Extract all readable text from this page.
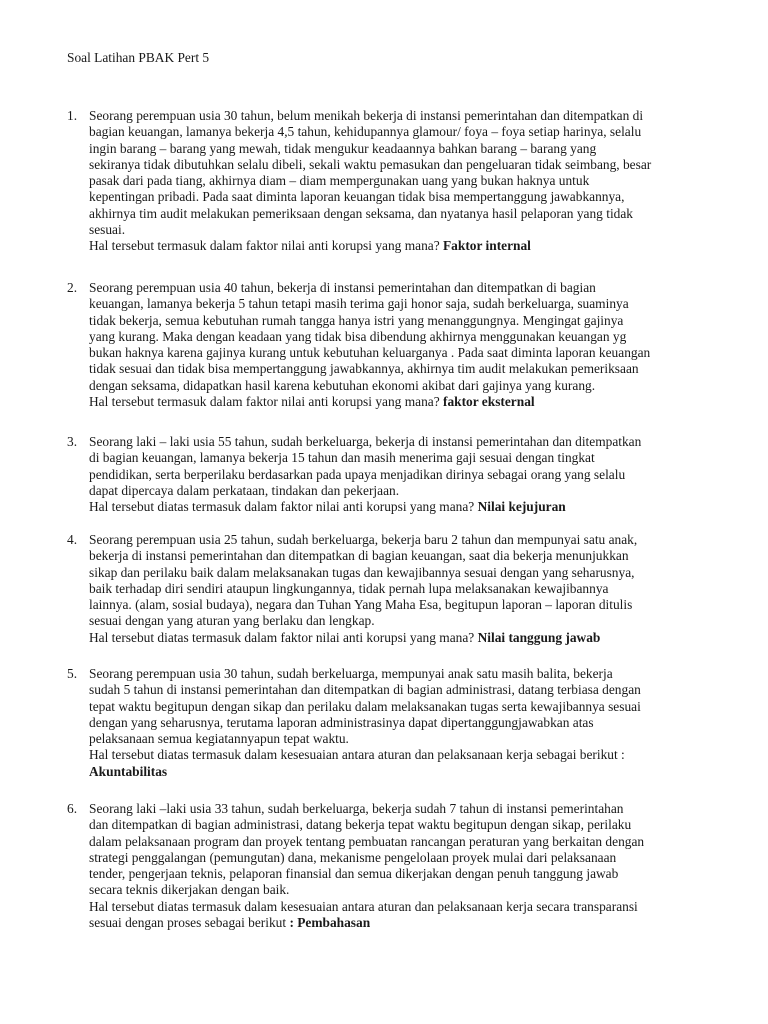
Soal Latihan PBAK Pert 5
1. Seorang perempuan usia 30 tahun, belum menikah bekerja di instansi pemerintahan dan ditempatkan di
bagian keuangan, lamanya bekerja 4,5 tahun, kehidupannya glamour/ foya – foya setiap harinya, selalu
ingin barang – barang yang mewah, tidak mengukur keadaannya bahkan barang – barang yang
sekiranya tidak dibutuhkan selalu dibeli, sekali waktu pemasukan dan pengeluaran tidak seimbang, besar
pasak dari pada tiang, akhirnya diam – diam mempergunakan uang yang bukan haknya untuk
kepentingan pribadi. Pada saat diminta laporan keuangan tidak bisa mempertanggung jawabkannya,
akhirnya tim audit melakukan pemeriksaan dengan seksama, dan nyatanya hasil pelaporan yang tidak
sesuai.
Hal tersebut termasuk dalam faktor nilai anti korupsi yang mana? Faktor internal
2. Seorang perempuan usia 40 tahun, bekerja di instansi pemerintahan dan ditempatkan di bagian
keuangan, lamanya bekerja 5 tahun tetapi masih terima gaji honor saja, sudah berkeluarga, suaminya
tidak bekerja, semua kebutuhan rumah tangga hanya istri yang menanggungnya. Mengingat gajinya
yang kurang. Maka dengan keadaan yang tidak bisa dibendung akhirnya menggunakan keuangan yg
bukan haknya karena gajinya kurang untuk kebutuhan keluarganya . Pada saat diminta laporan keuangan
tidak sesuai dan tidak bisa mempertanggung jawabkannya, akhirnya tim audit melakukan pemeriksaan
dengan seksama, didapatkan hasil karena kebutuhan ekonomi akibat dari gajinya yang kurang.
Hal tersebut termasuk dalam faktor nilai anti korupsi yang mana? faktor eksternal
3. Seorang laki – laki usia 55 tahun, sudah berkeluarga, bekerja di instansi pemerintahan dan ditempatkan
di bagian keuangan, lamanya bekerja 15 tahun dan masih menerima gaji sesuai dengan tingkat
pendidikan, serta berperilaku berdasarkan pada upaya menjadikan dirinya sebagai orang yang selalu
dapat dipercaya dalam perkataan, tindakan dan pekerjaan.
Hal tersebut diatas termasuk dalam faktor nilai anti korupsi yang mana? Nilai kejujuran
4. Seorang perempuan usia 25 tahun, sudah berkeluarga, bekerja baru 2 tahun dan mempunyai satu anak,
bekerja di instansi pemerintahan dan ditempatkan di bagian keuangan, saat dia bekerja menunjukkan
sikap dan perilaku baik dalam melaksanakan tugas dan kewajibannya sesuai dengan yang seharusnya,
baik terhadap diri sendiri ataupun lingkungannya, tidak pernah lupa melaksanakan kewajibannya
lainnya. (alam, sosial budaya), negara dan Tuhan Yang Maha Esa, begitupun laporan – laporan ditulis
sesuai dengan yang aturan yang berlaku dan lengkap.
Hal tersebut diatas termasuk dalam faktor nilai anti korupsi yang mana? Nilai tanggung jawab
5. Seorang perempuan usia 30 tahun, sudah berkeluarga, mempunyai anak satu masih balita, bekerja
sudah 5 tahun di instansi pemerintahan dan ditempatkan di bagian administrasi, datang terbiasa dengan
tepat waktu begitupun dengan sikap dan perilaku dalam melaksanakan tugas serta kewajibannya sesuai
dengan yang seharusnya, terutama laporan administrasinya dapat dipertanggungjawabkan atas
pelaksanaan semua kegiatannyapun tepat waktu.
Hal tersebut diatas termasuk dalam kesesuaian antara aturan dan pelaksanaan kerja sebagai berikut :
Akuntabilitas
6. Seorang laki –laki usia 33 tahun, sudah berkeluarga, bekerja sudah 7 tahun di instansi pemerintahan
dan ditempatkan di bagian administrasi, datang bekerja tepat waktu begitupun dengan sikap, perilaku
dalam pelaksanaan program dan proyek tentang pembuatan rancangan peraturan yang berkaitan dengan
strategi penggalangan (pemungutan) dana, mekanisme pengelolaan proyek mulai dari pelaksanaan
tender, pengerjaan teknis, pelaporan finansial dan semua dikerjakan dengan penuh tanggung jawab
secara teknis dikerjakan dengan baik.
Hal tersebut diatas termasuk dalam kesesuaian antara aturan dan pelaksanaan kerja secara transparansi
sesuai dengan proses sebagai berikut : Pembahasan
